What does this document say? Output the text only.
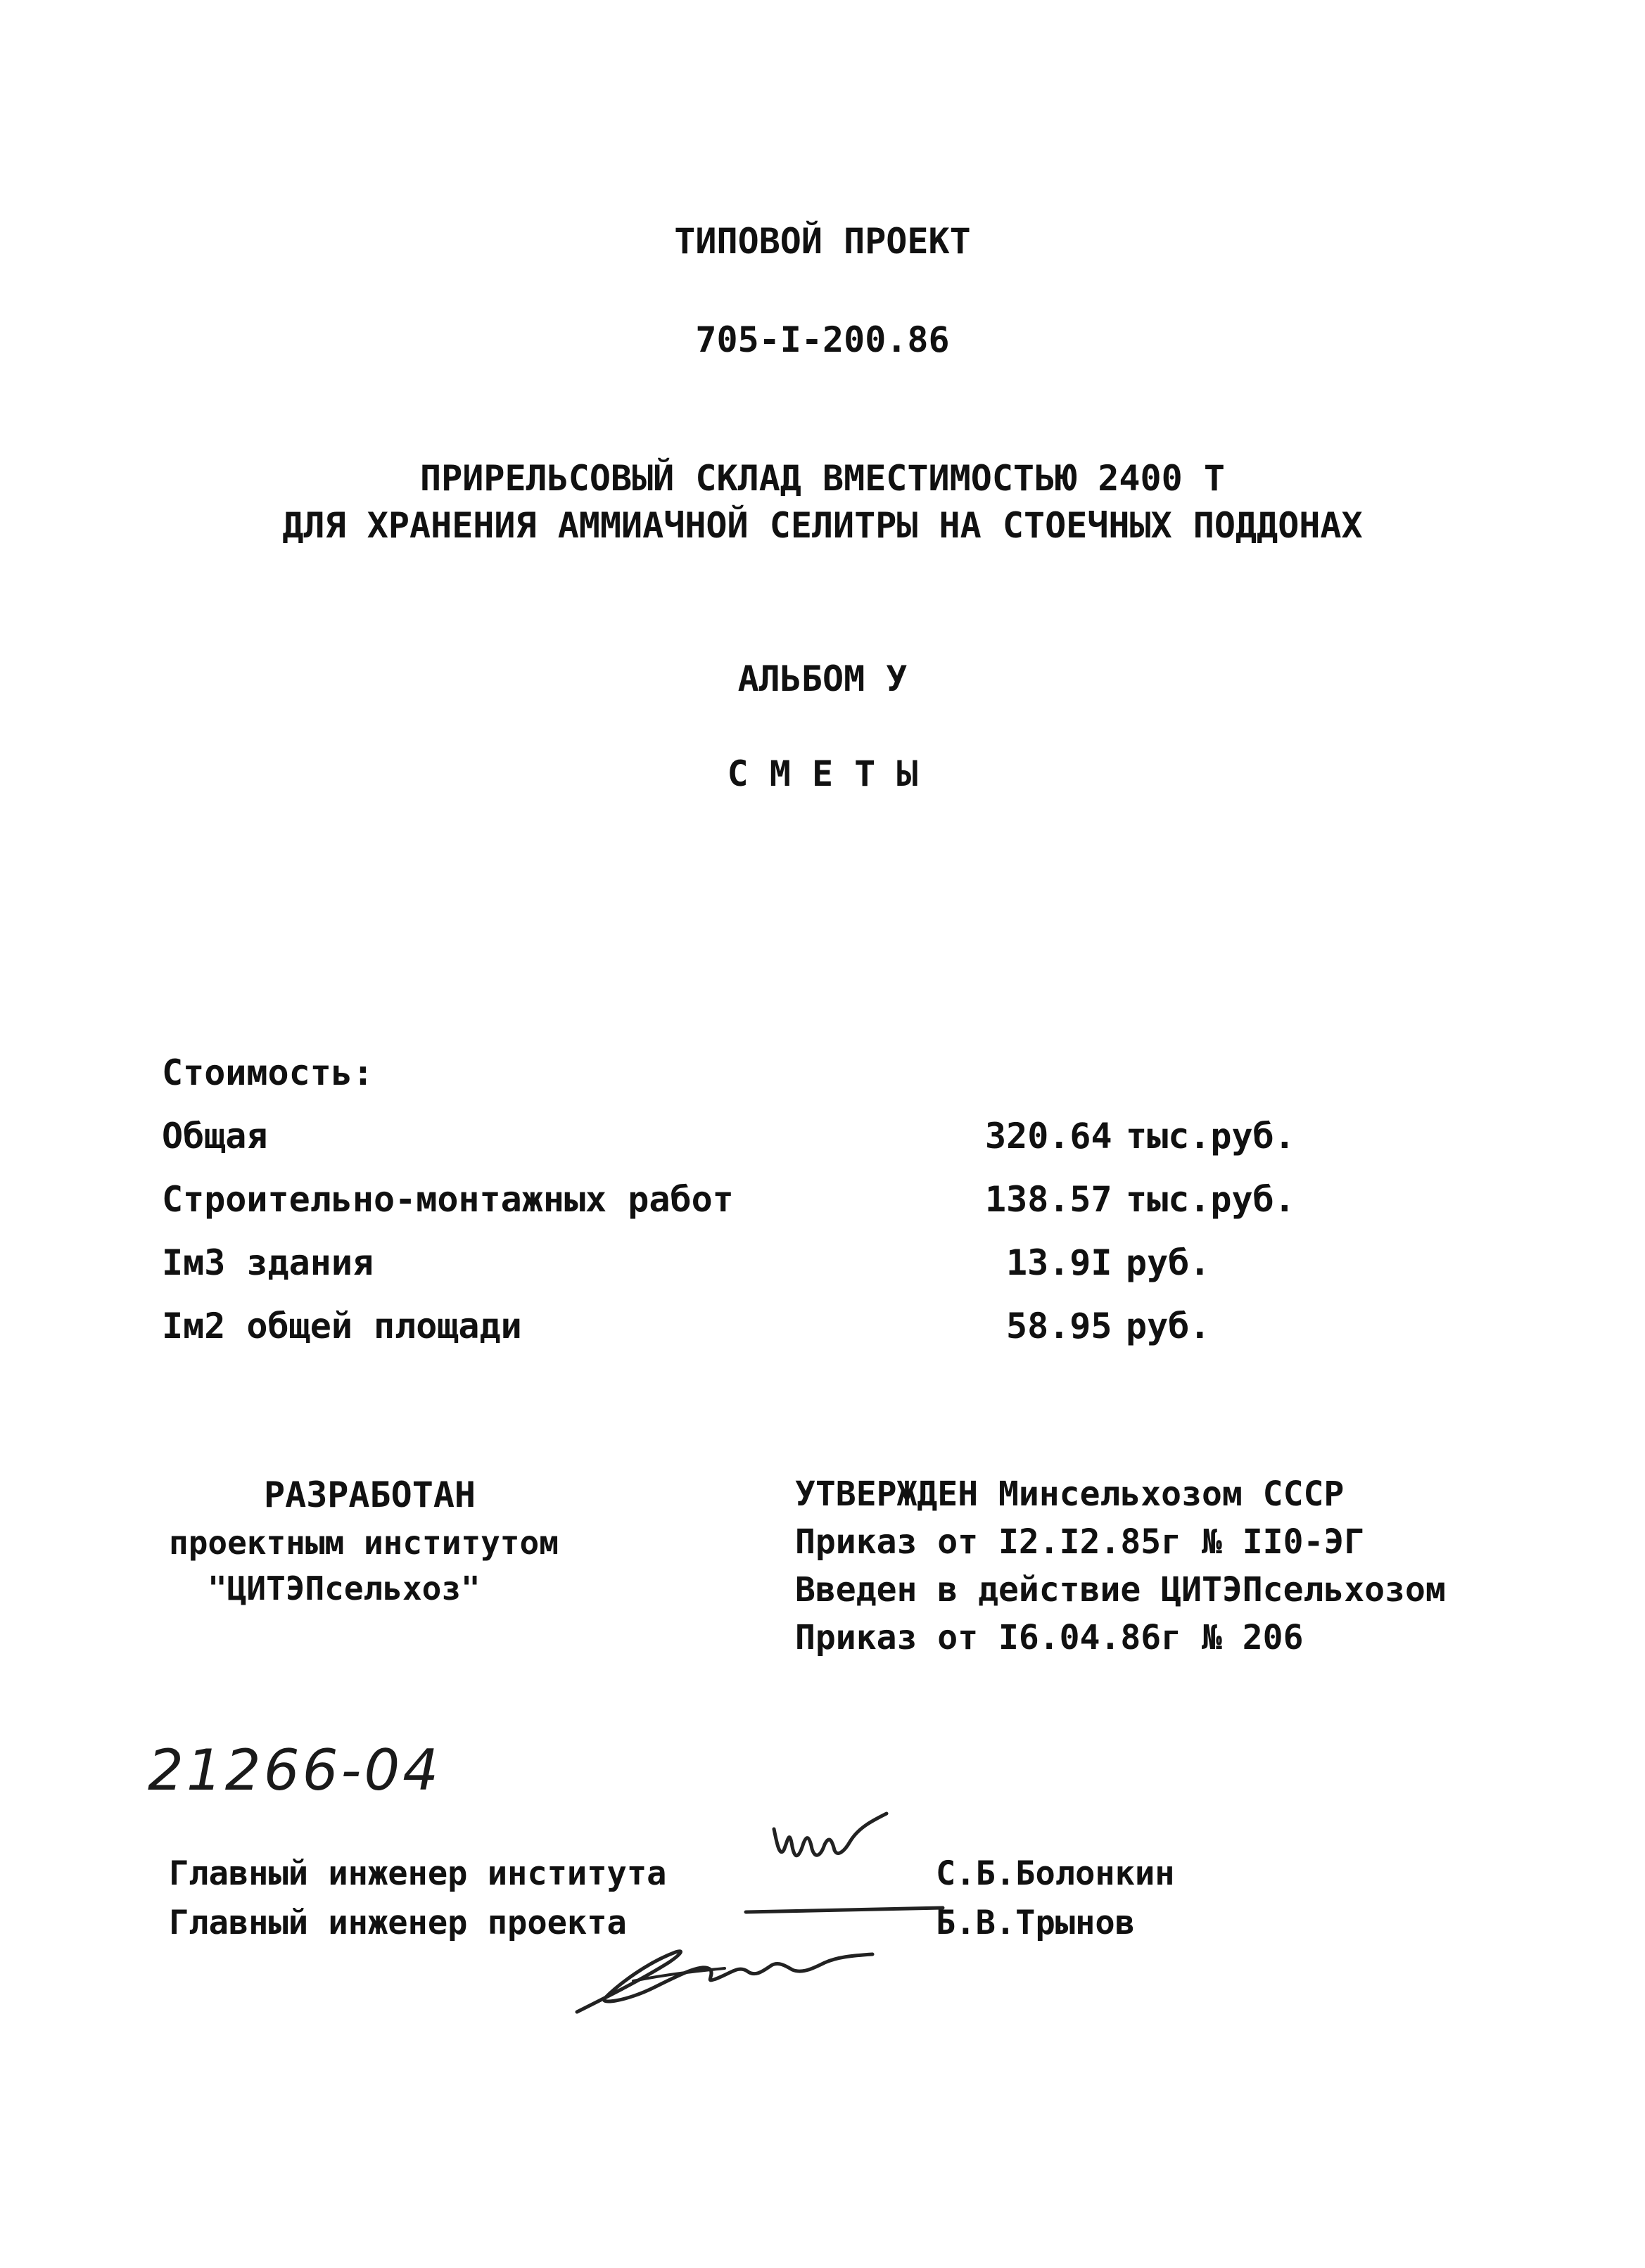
ТИПОВОЙ ПРОЕКТ
705-I-200.86
ПРИРЕЛЬСОВЫЙ СКЛАД ВМЕСТИМОСТЬЮ 2400 Т
ДЛЯ ХРАНЕНИЯ АММИАЧНОЙ СЕЛИТРЫ НА СТОЕЧНЫХ ПОДДОНАХ
АЛЬБОМ У
С М Е Т Ы
Стоимость:
Общая	320.64 тыс.руб.
Строительно-монтажных работ	138.57 тыс.руб.
Iм3 здания	13.9I руб.
Iм2 общей площади	58.95 руб.
РАЗРАБОТАН
проектным институтом
"ЦИТЭПсельхоз"
УТВЕРЖДЕН Минсельхозом СССР
Приказ от I2.I2.85г № II0-ЭГ
Введен в действие ЦИТЭПсельхозом
Приказ от I6.04.86г № 206
21266-04
Главный инженер института	С.Б.Болонкин
Главный инженер проекта	Б.В.Трынов
